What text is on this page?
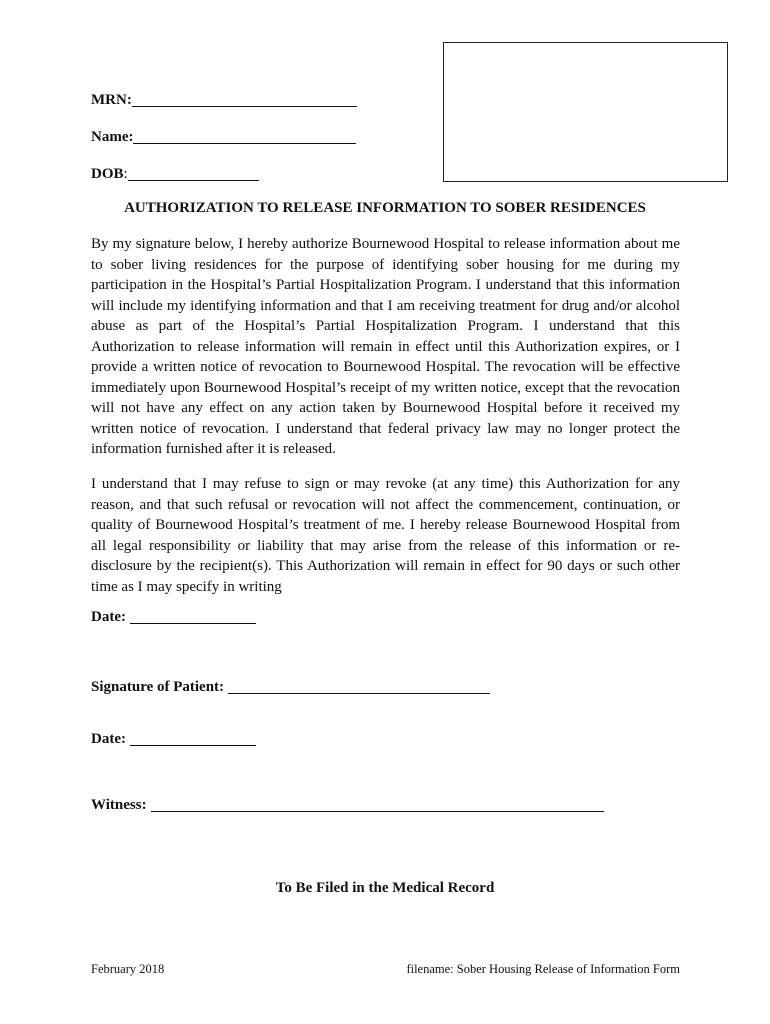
MRN:
Name:
DOB :
AUTHORIZATION TO RELEASE INFORMATION TO SOBER RESIDENCES
By my signature below, I hereby authorize Bournewood Hospital to release information about me to sober living residences for the purpose of identifying sober housing for me during my participation in the Hospital’s Partial Hospitalization Program. I understand that this information will include my identifying information and that I am receiving treatment for drug and/or alcohol abuse as part of the Hospital’s Partial Hospitalization Program. I understand that this Authorization to release information will remain in effect until this Authorization expires, or I provide a written notice of revocation to Bournewood Hospital. The revocation will be effective immediately upon Bournewood Hospital’s receipt of my written notice, except that the revocation will not have any effect on any action taken by Bournewood Hospital before it received my written notice of revocation. I understand that federal privacy law may no longer protect the information furnished after it is released.
I understand that I may refuse to sign or may revoke (at any time) this Authorization for any reason, and that such refusal or revocation will not affect the commencement, continuation, or quality of Bournewood Hospital’s treatment of me. I hereby release Bournewood Hospital from all legal responsibility or liability that may arise from the release of this information or re-disclosure by the recipient(s). This Authorization will remain in effect for 90 days or such other time as I may specify in writing
Date:
Signature of Patient:
Date:
Witness:
To Be Filed in the Medical Record
February 2018	filename: Sober Housing Release of Information Form
